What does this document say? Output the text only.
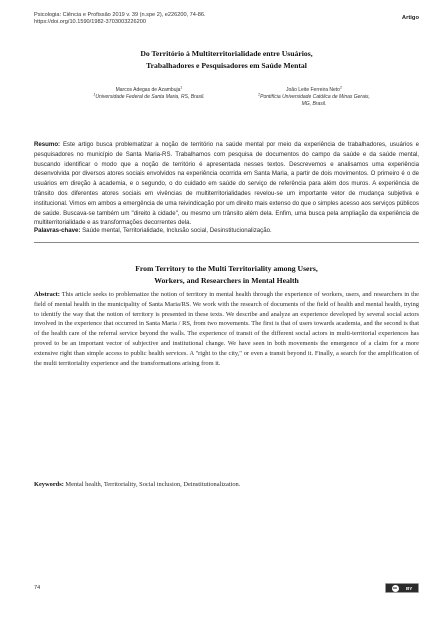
Psicologia: Ciência e Profissão 2019 v. 39 (n.spe 2), e226200, 74-86.
https://doi.org/10.1590/1982-3703003226200
Artigo
Do Território à Multiterritorialidade entre Usuários,
Trabalhadores e Pesquisadores em Saúde Mental
Marcos Adegas de Azambuja$^1$
$^1$Universidade Federal de Santa Maria, RS, Brasil.
João Leite Ferreira Neto$^2$
$^2$Pontifícia Universidade Católica de Minas Gerais,
MG, Brasil.

Resumo: Este artigo busca problematizar a noção de território na saúde mental por meio da experiência de trabalhadores, usuários e pesquisadores no município de Santa Maria-RS. Trabalhamos com pesquisa de documentos do campo da saúde e da saúde mental, buscando identificar o modo que a noção de território é apresentada nesses textos. Descrevemos e analisamos uma experiência desenvolvida por diversos atores sociais envolvidos na experiência ocorrida em Santa Maria, a partir de dois movimentos. O primeiro é o de usuários em direção à academia, e o segundo, o do cuidado em saúde do serviço de referência para além dos muros. A experiência de trânsito dos diferentes atores sociais em vivências de multiterritorialidades revelou-se um importante vetor de mudança subjetiva e institucional. Vimos em ambos a emergência de uma reivindicação por um direito mais extenso do que o simples acesso aos serviços públicos de saúde. Buscava-se também um "direito à cidade", ou mesmo um trânsito além dela. Enfim, uma busca pela ampliação da experiência de multiterritorialidade e as transformações decorrentes dela.

Palavras-chave: Saúde mental, Territorialidade, Inclusão social, Desinstitucionalização.
From Territory to the Multi Territoriality among Users,
Workers, and Researchers in Mental Health

Abstract: This article seeks to problematize the notion of territory in mental health through the experience of workers, users, and researchers in the field of mental health in the municipality of Santa Maria/RS. We work with the research of documents of the field of health and mental health, trying to identify the way that the notion of territory is presented in these texts. We describe and analyze an experience developed by several social actors involved in the experience that occurred in Santa Maria / RS, from two movements. The first is that of users towards academia, and the second is that of the health care of the referral service beyond the walls. The experience of transit of the different social actors in multi-territorial experiences has proved to be an important vector of subjective and institutional change. We have seen in both movements the emergence of a claim for a more extensive right than simple access to public health services. A "right to the city," or even a transit beyond it. Finally, a search for the amplification of the multi territoriality experience and the transformations arising from it.

Keywords: Mental health, Territoriality, Social inclusion, Deinstitutionalization.
74	cc	BY
